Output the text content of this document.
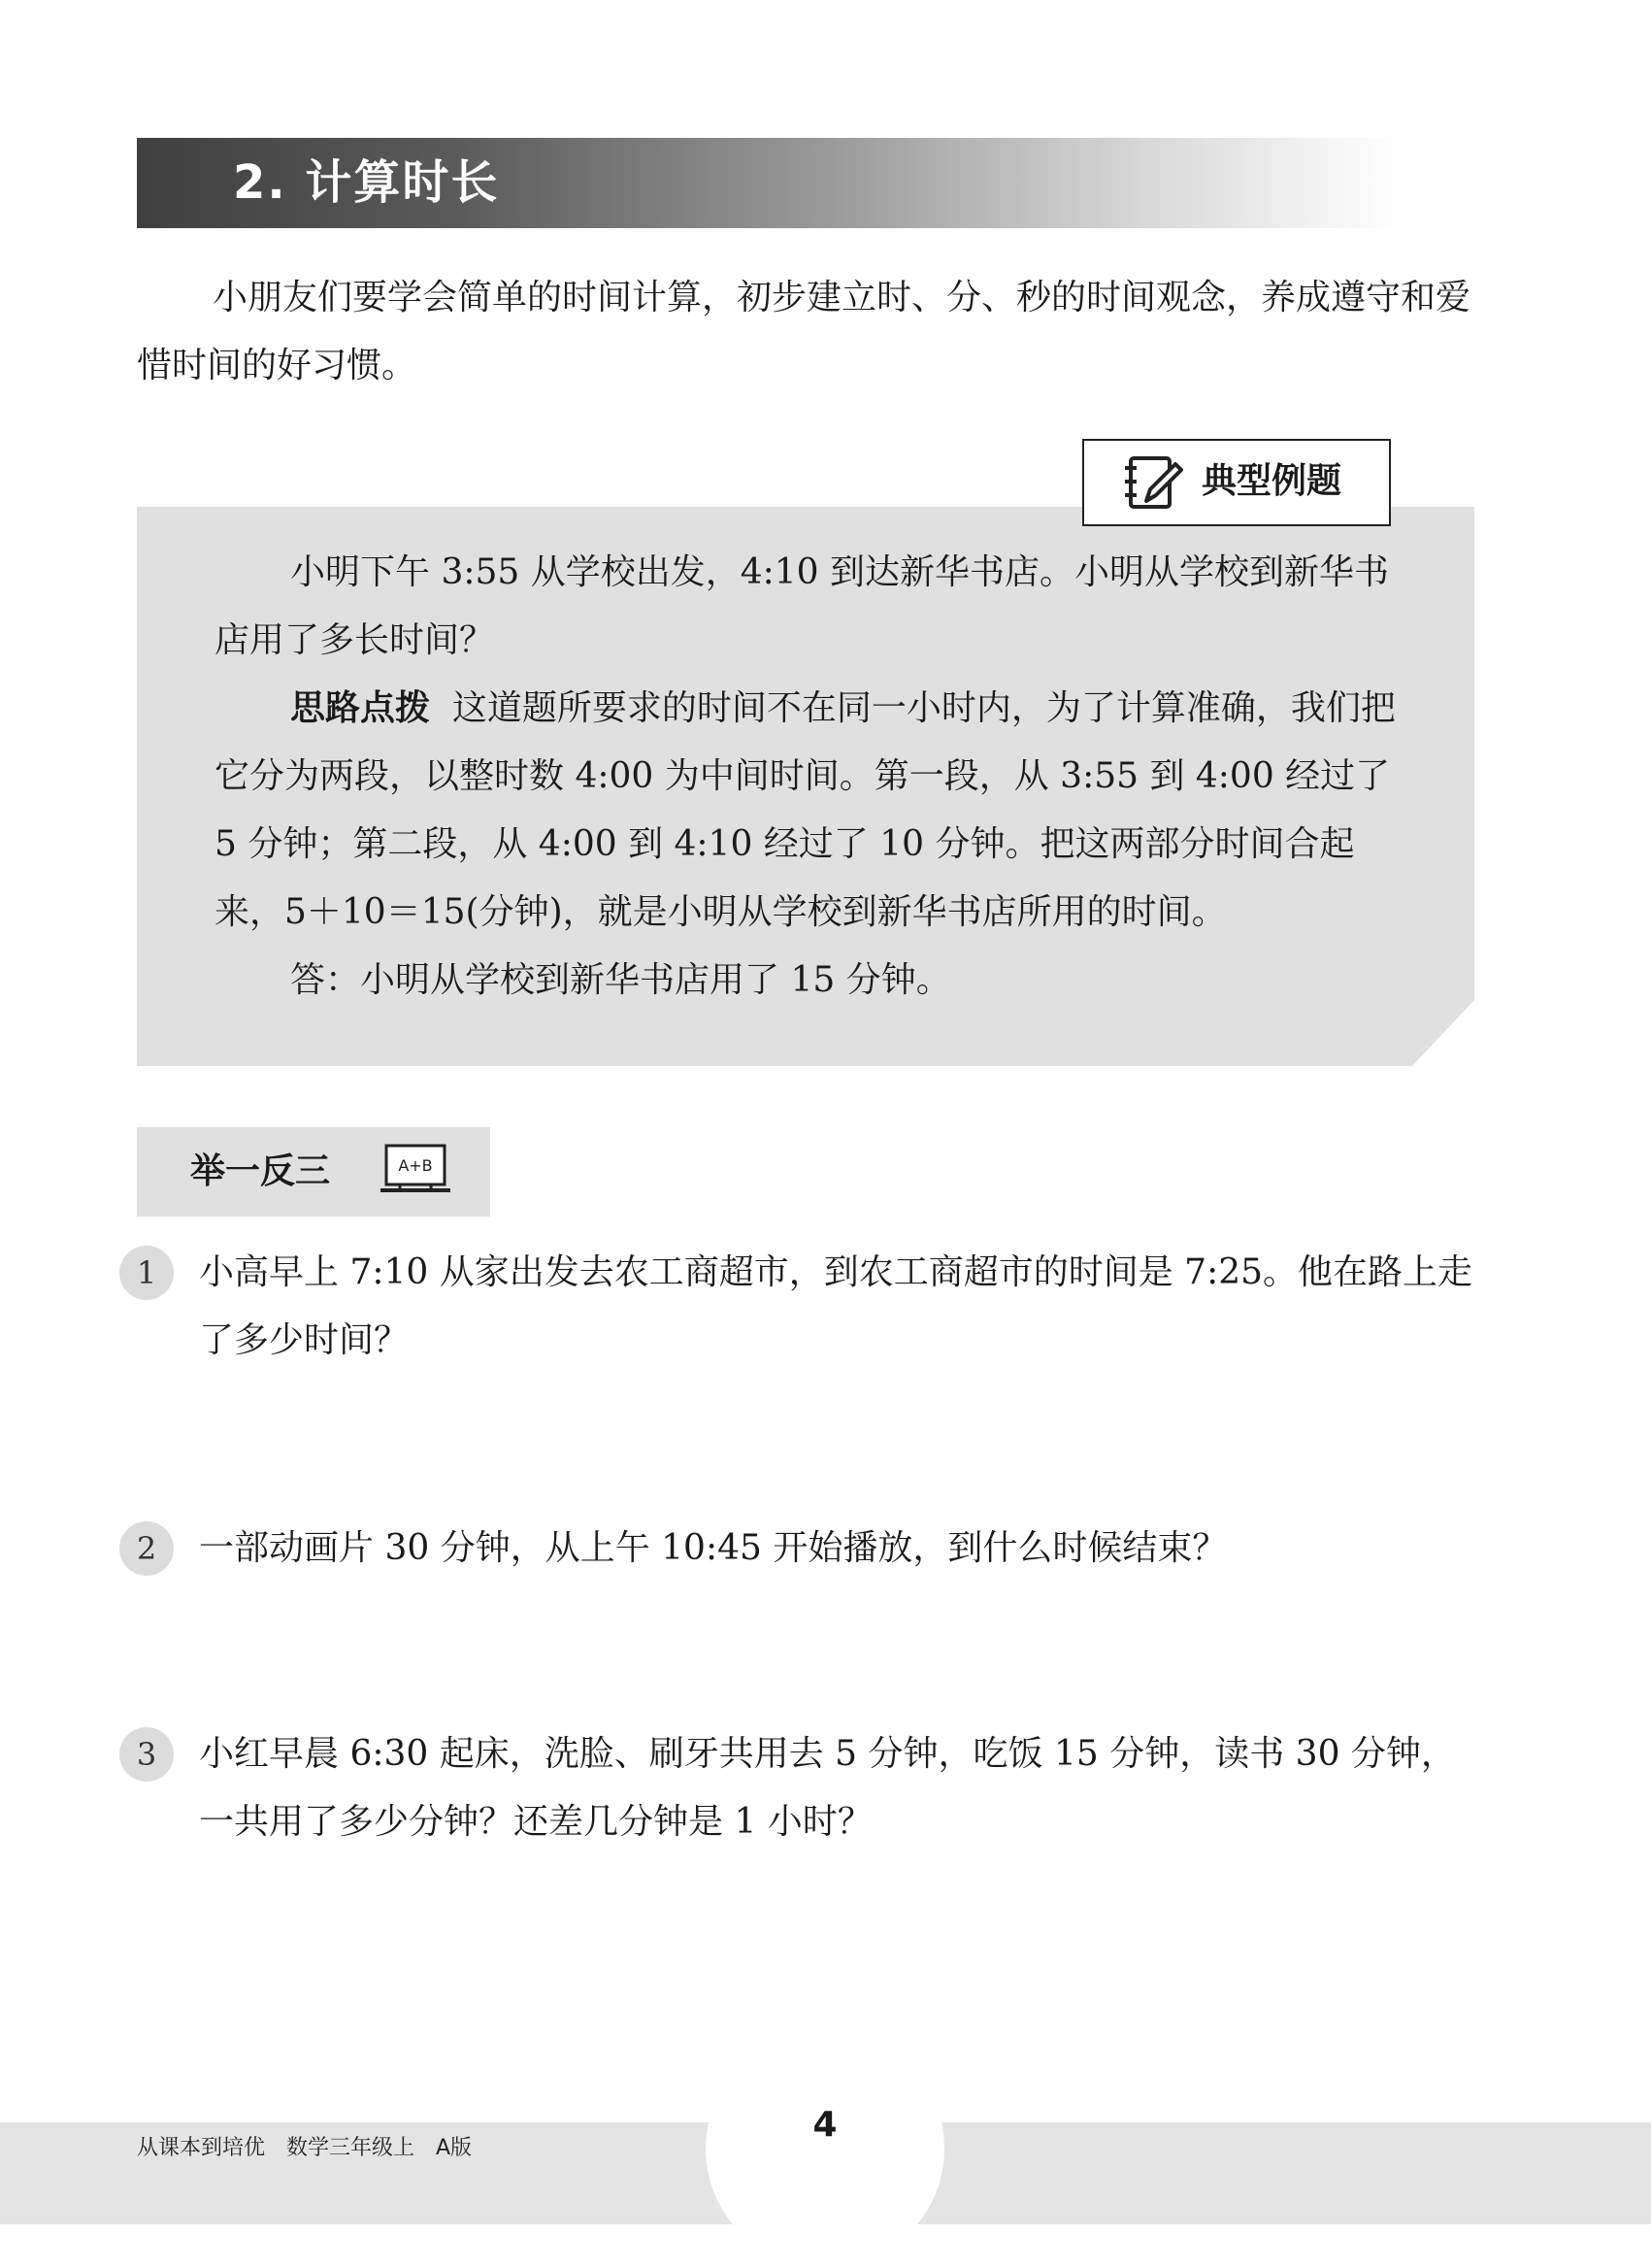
2. 计算时长

小朋友们要学会简单的时间计算，初步建立时、分、秒的时间观念，养成遵守和爱惜时间的好习惯。

典型例题

小明下午 3:55 从学校出发，4:10 到达新华书店。小明从学校到新华书店用了多长时间？

思路点拨 这道题所要求的时间不在同一小时内，为了计算准确，我们把它分为两段，以整时数 4:00 为中间时间。第一段，从 3:55 到 4:00 经过了 5 分钟；第二段，从 4:00 到 4:10 经过了 10 分钟。把这两部分时间合起来，5＋10＝15(分钟)，就是小明从学校到新华书店所用的时间。

答：小明从学校到新华书店用了 15 分钟。

举一反三	A+B
1	小高早上 7:10 从家出发去农工商超市，到农工商超市的时间是 7:25。他在路上走了多少时间？

2	一部动画片 30 分钟，从上午 10:45 开始播放，到什么时候结束？

3	小红早晨 6:30 起床，洗脸、刷牙共用去 5 分钟，吃饭 15 分钟，读书 30 分钟，一共用了多少分钟？还差几分钟是 1 小时？

4
从课本到培优　数学三年级上　A版
